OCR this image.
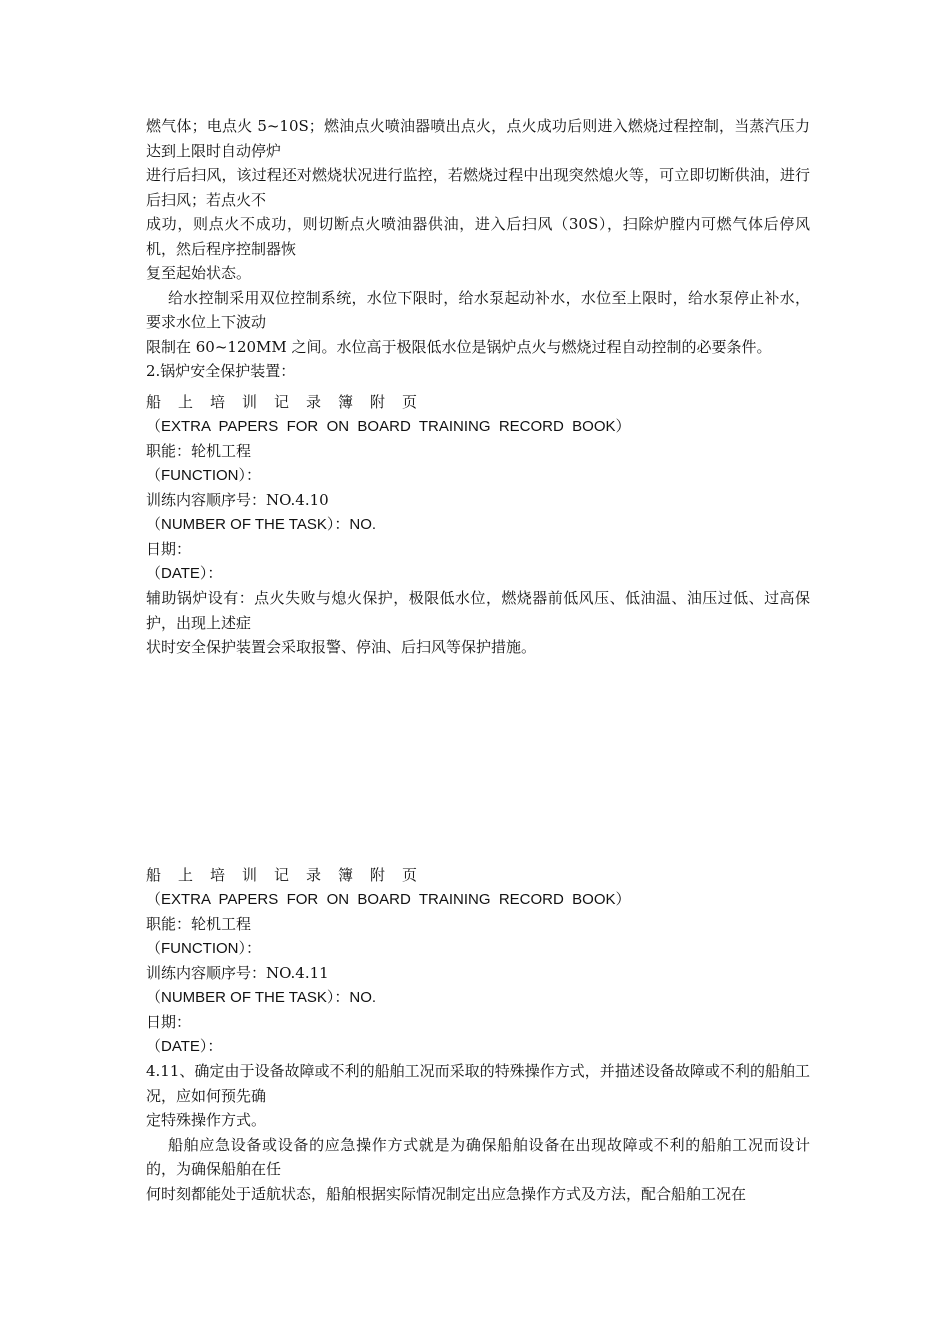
燃气体；电点火 5~10S；燃油点火喷油器喷出点火，点火成功后则进入燃烧过程控制，当蒸汽压力达到上限时自动停炉

进行后扫风，该过程还对燃烧状况进行监控，若燃烧过程中出现突然熄火等，可立即切断供油，进行后扫风；若点火不

成功，则点火不成功，则切断点火喷油器供油，进入后扫风（30S），扫除炉膛内可燃气体后停风机，然后程序控制器恢

复至起始状态。

给水控制采用双位控制系统，水位下限时，给水泵起动补水，水位至上限时，给水泵停止补水，要求水位上下波动

限制在 60~120MM 之间。水位高于极限低水位是锅炉点火与燃烧过程自动控制的必要条件。

2.锅炉安全保护装置：

船 上 培 训 记 录 簿 附 页

（EXTRA  PAPERS  FOR  ON  BOARD  TRAINING  RECORD  BOOK）

职能：轮机工程

（FUNCTION）：

训练内容顺序号：NO.4.10

（NUMBER OF THE TASK）：NO.

日期：

（DATE）：

辅助锅炉设有：点火失败与熄火保护，极限低水位，燃烧器前低风压、低油温、油压过低、过高保护，出现上述症

状时安全保护装置会采取报警、停油、后扫风等保护措施。

船 上 培 训 记 录 簿 附 页

（EXTRA  PAPERS  FOR  ON  BOARD  TRAINING  RECORD  BOOK）

职能：轮机工程

（FUNCTION）：

训练内容顺序号：NO.4.11

（NUMBER OF THE TASK）：NO.

日期：

（DATE）：

4.11、确定由于设备故障或不利的船舶工况而采取的特殊操作方式，并描述设备故障或不利的船舶工况，应如何预先确

定特殊操作方式。

船舶应急设备或设备的应急操作方式就是为确保船舶设备在出现故障或不利的船舶工况而设计的，为确保船舶在任

何时刻都能处于适航状态，船舶根据实际情况制定出应急操作方式及方法，配合船舶工况在
